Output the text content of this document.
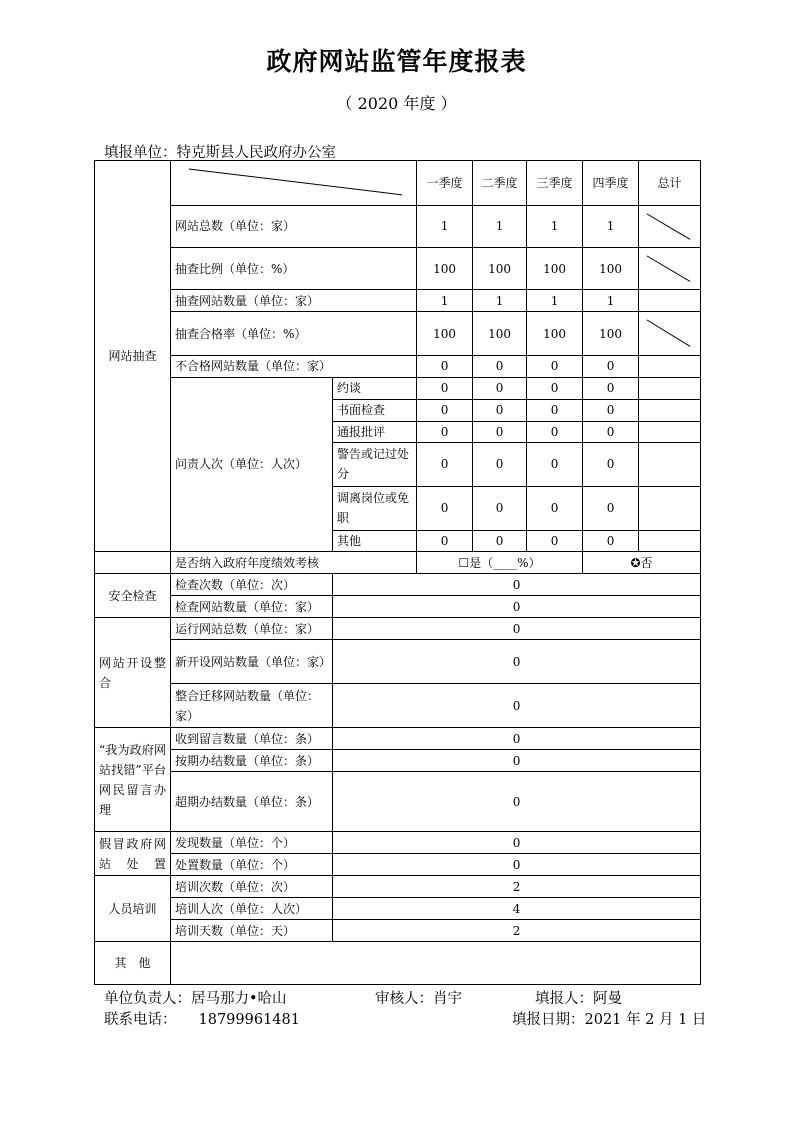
政府网站监管年度报表
（ 2020 年度 ）
填报单位：特克斯县人民政府办公室
网站抽查			一季度	二季度	三季度	四季度	总计
	网站总数（单位：家）		1	1	1	1	

	抽查比例（单位：%）		100	100	100	100	

	抽查网站数量（单位：家）		1	1	1	1	
	抽查合格率（单位：%）		100	100	100	100	

	不合格网站数量（单位：家）		0	0	0	0	
	问责人次（单位：人次）	约谈	0	0	0	0	
		书面检查	0	0	0	0	
		通报批评	0	0	0	0	
		警告或记过处分	0	0	0	0	
		调离岗位或免职	0	0	0	0	
		其他	0	0	0	0	
	是否纳入政府年度绩效考核		☐是（____%）	✪否
安全检查	检查次数（单位：次）	0		
	检查网站数量（单位：家）	0		
网站开设整合	运行网站总数（单位：家）	0		
	新开设网站数量（单位：家）	0		
	整合迁移网站数量（单位：家）	0		
“我为政府网站找错”平台网民留言办理	收到留言数量（单位：条）	0		
	按期办结数量（单位：条）	0		
	超期办结数量（单位：条）	0		
假冒政府网站处置	发现数量（单位：个）	0		
	处置数量（单位：个）	0		
人员培训	培训次数（单位：次）	2		
	培训人次（单位：人次）	4		
	培训天数（单位：天）	2		
其　他				
单位负责人：居马那力•哈山	审核人：肖宇	填报人：阿曼
联系电话： 18799961481	填报日期：2021 年 2 月 1 日
